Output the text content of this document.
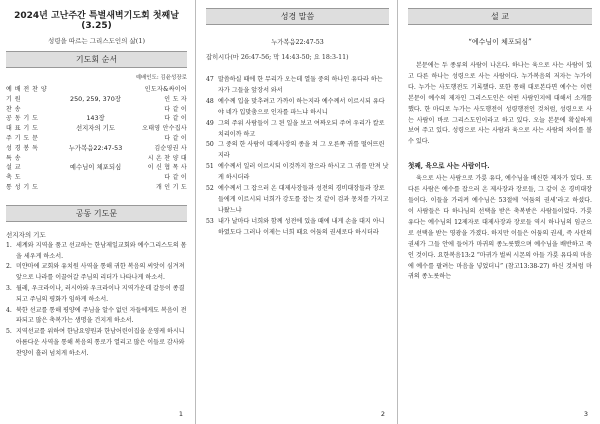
2024년 고난주간 특별새벽기도회 첫째날(3.25)
성령을 따르는 그리스도인의 삶(1)
기도회 순서
예배인도: 김윤성장로
예 배 전 찬 양		인도자&싸이어
기 원	250, 259, 370장	인 도 자
찬 송		다 같 이
공 동 기 도	143장	다 같 이
대 표 기 도	선지자의 기도	오태영 안수집사
주 기 도 문		다 같 이
성 경 봉 독	누가복음22:47-53	김순영권 사
특 송		시 온 찬 양 대
설 교	예수님이 체포되심	이 신 협 목 사
축 도		다 같 이
통 성 기 도		개 인 기 도
공동 기도문
선지자의 기도
1. 세계와 지역을 품고 선교하는 한남제일교회와 예수그리스도의 몸을 세우게 하소서.
2. 미얀마에 교회와 유치원 사역을 통해 귀한 복음의 씨앗이 심겨져 앞으로 나라를 이끌어갈 주님의 리더가 나타나게 하소서.
3. 월레, 우크라이나, 러시아와 우크라이나 지역가운데 갈등이 종결되고 주님의 평화가 임하게 하소서.
4. 북한 선교를 통해 평양에 주님을 알수 없던 자들에게도 복음이 전파되고 많은 축복가는 생명을 건지게 하소서.
5. 지역선교를 위하여 한남요양원과 한남어린이집을 운영케 하시니 아름다운 사역을 통해 복음의 통로가 열리고 많은 이들로 감사와 찬양이 흘러 넘치게 하소서.
1
성경 말씀
누가복음22:47-53
잡히시다(마 26:47-56; 막 14:43-50; 요 18:3-11)
47 말씀하실 때에 한 무리가 오는데 열둘 중의 하나인 유다라 하는 자가 그들을 앞장서 와서
48 예수께 입을 맞추려고 가까이 하는지라 예수께서 이르시되 유다야 네가 입맞춤으로 인자를 파느냐 하시니
49 그의 주위 사람들이 그 된 일을 보고 여짜오되 주여 우리가 칼로 치리이까 하고
50 그 중의 한 사람이 대제사장의 종을 쳐 그 오른쪽 귀를 떨어뜨린지라
51 예수께서 일러 이르시되 이것까지 참으라 하시고 그 귀를 만져 낫게 하시더라
52 예수께서 그 잡으러 온 대제사장들과 성전의 경비대장들과 장로들에게 이르시되 너희가 강도를 잡는 것 같이 검과 몽치를 가지고 나왔느냐
53 내가 날마다 너희와 함께 성전에 있을 때에 내게 손을 대지 아니하였도다 그러나 이제는 너희 때요 어둠의 권세로다 하시더라
2
설 교
“예수님이 체포되심”
본문에는 두 종류의 사람이 나온다. 하나는 육으로 사는 사람이 있고 다른 하나는 성령으로 사는 사람이다. 누가복음의 저자는 누가이다. 누가는 사도행전도 기록했다. 또한 통해 대로본다면 예수는 이런 본문이 예수의 제자인 그리스도인은 어떤 사람인지에 대해서 소개를 했다. 한 마디로 누가는 사도행전이 성령행전인 것처럼, 성령으로 사는 사람이 바로 그리스도인이라고 하고 있다. 오늘 본문에 확실하게 보여 주고 있다. 성령으로 사는 사람과 육으로 사는 사람의 차이를 볼 수 있다.
첫째, 육으로 사는 사람이다.
육으로 사는 사람으로 가룟 유다, 예수님을 배신한 제자가 있다. 또 다른 사람은 예수를 잡으러 온 제사장과 장로들, 그 같이 온 경비대장들이다. 이들을 가리켜 예수님은 53절에 ‘어둠의 권세’라고 하셨다. 이 사람들은 다 하나님의 선택을 받은 축복받은 사람들이었다. 가룟 유다는 예수님의 12제자로 대제사장과 장로들 역시 하나님의 임군으로 선택을 받는 영광을 가졌다. 하지만 이들은 어둠의 권세, 즉 사탄의 권세가 그들 안에 들어가 마귀의 종노릇했으며 예수님을 배반하고 죽인 것이다. 요한복음13:2 “마귀가 벌써 시몬의 아들 가룟 유다의 마음에 예수를 팔려는 마음을 넣었더니” (참고13:38-27) 하신 것처럼 마귀의 종노릇하는
3
